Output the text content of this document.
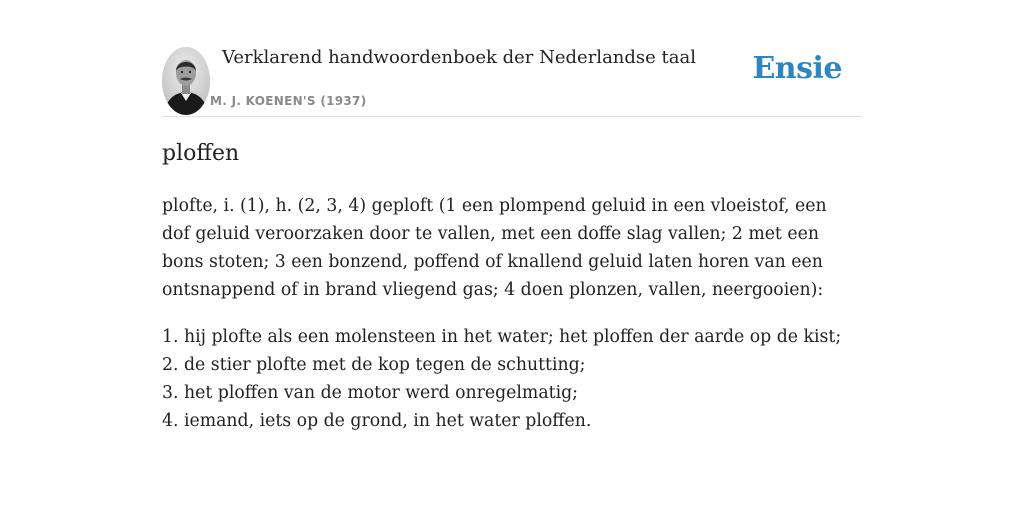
Verklarend handwoordenboek der Nederlandse taal
M. J. KOENEN'S (1937)
Ensie
ploffen

plofte, i. (1), h. (2, 3, 4) geploft (1 een plompend geluid in een vloeistof, een dof geluid veroorzaken door te vallen, met een doffe slag vallen; 2 met een bons stoten; 3 een bonzend, poffend of knallend geluid laten horen van een ontsnappend of in brand vliegend gas; 4 doen plonzen, vallen, neergooien):

1. hij plofte als een molensteen in het water; het ploffen der aarde op de kist;
2. de stier plofte met de kop tegen de schutting;
3. het ploffen van de motor werd onregelmatig;
4. iemand, iets op de grond, in het water ploffen.
